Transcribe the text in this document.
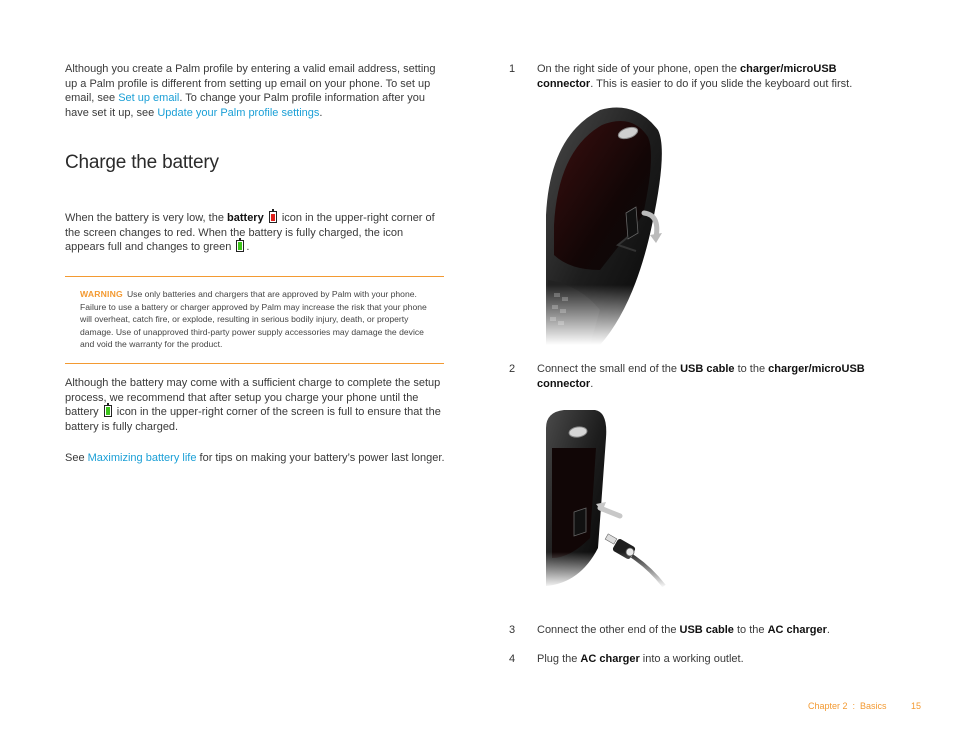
Although you create a Palm profile by entering a valid email address, setting up a Palm profile is different from setting up email on your phone. To set up email, see Set up email. To change your Palm profile information after you have set it up, see Update your Palm profile settings.

Charge the battery

When the battery is very low, the battery
icon in the upper-right corner of the screen changes to red. When the battery is fully charged, the icon appears full and changes to green
.

WARNING Use only batteries and chargers that are approved by Palm with your phone. Failure to use a battery or charger approved by Palm may increase the risk that your phone will overheat, catch fire, or explode, resulting in serious bodily injury, death, or property damage. Use of unapproved third-party power supply accessories may damage the device and void the warranty for the product.

Although the battery may come with a sufficient charge to complete the setup process, we recommend that after setup you charge your phone until the battery
icon in the upper-right corner of the screen is full to ensure that the battery is fully charged.

See Maximizing battery life for tips on making your battery’s power last longer.

1 On the right side of your phone, open the charger/microUSB connector. This is easier to do if you slide the keyboard out first.

2 Connect the small end of the USB cable to the charger/microUSB connector.

3 Connect the other end of the USB cable to the AC charger.

4 Plug the AC charger into a working outlet.

Chapter 2  :  Basics	15
